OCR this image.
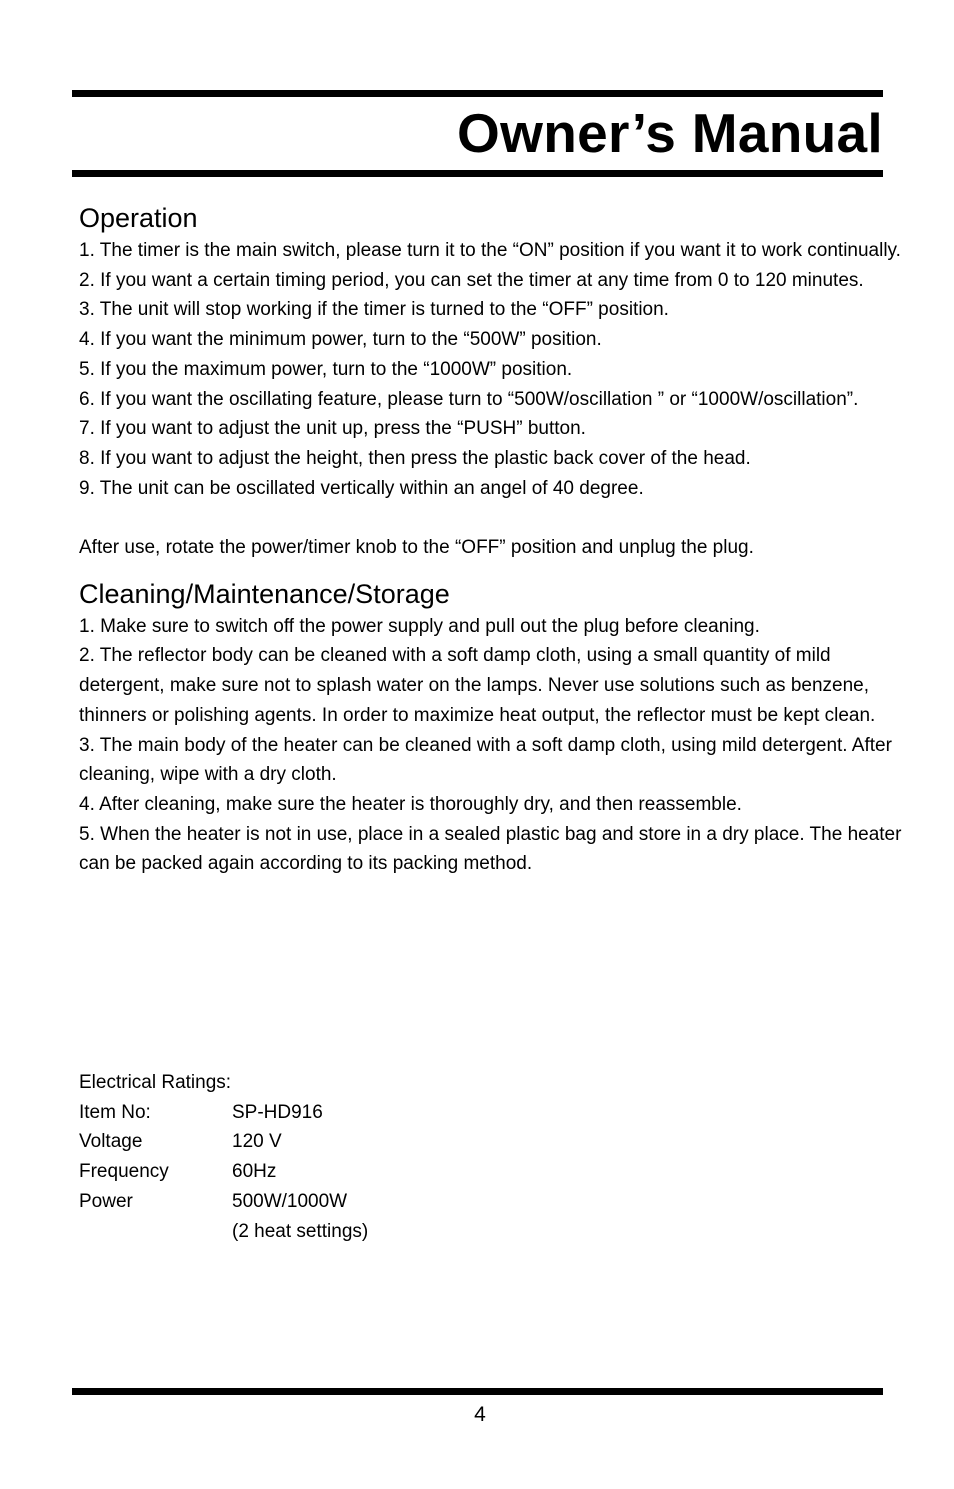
Owner’s Manual
Operation
1. The timer is the main switch, please turn it to the “ON” position if you want it to work continually.
2. If you want a certain timing period, you can set the timer at any time from 0 to 120 minutes.
3. The unit will stop working if the timer is turned to the “OFF” position.
4. If you want the minimum power, turn to the “500W” position.
5. If you the maximum power, turn to the “1000W” position.
6. If you want the oscillating feature, please turn to “500W/oscillation ” or “1000W/oscillation”.
7. If you want to adjust the unit up, press the “PUSH” button.
8. If you want to adjust the height, then press the plastic back cover of the head.
9. The unit can be oscillated vertically within an angel of 40 degree.

After use, rotate the power/timer knob to the “OFF” position and unplug the plug.

Cleaning/Maintenance/Storage
1. Make sure to switch off the power supply and pull out the plug before cleaning.
2. The reflector body can be cleaned with a soft damp cloth, using a small quantity of mild detergent, make sure not to splash water on the lamps. Never use solutions such as benzene, thinners or polishing agents. In order to maximize heat output, the reflector must be kept clean.
3. The main body of the heater can be cleaned with a soft damp cloth, using mild detergent. After cleaning, wipe with a dry cloth.
4. After cleaning, make sure the heater is thoroughly dry, and then reassemble.
5. When the heater is not in use, place in a sealed plastic bag and store in a dry place. The heater can be packed again according to its packing method.
Electrical Ratings:
Item No:	SP-HD916
Voltage	120 V
Frequency	60Hz
Power	500W/1000W
(2 heat settings)
4
